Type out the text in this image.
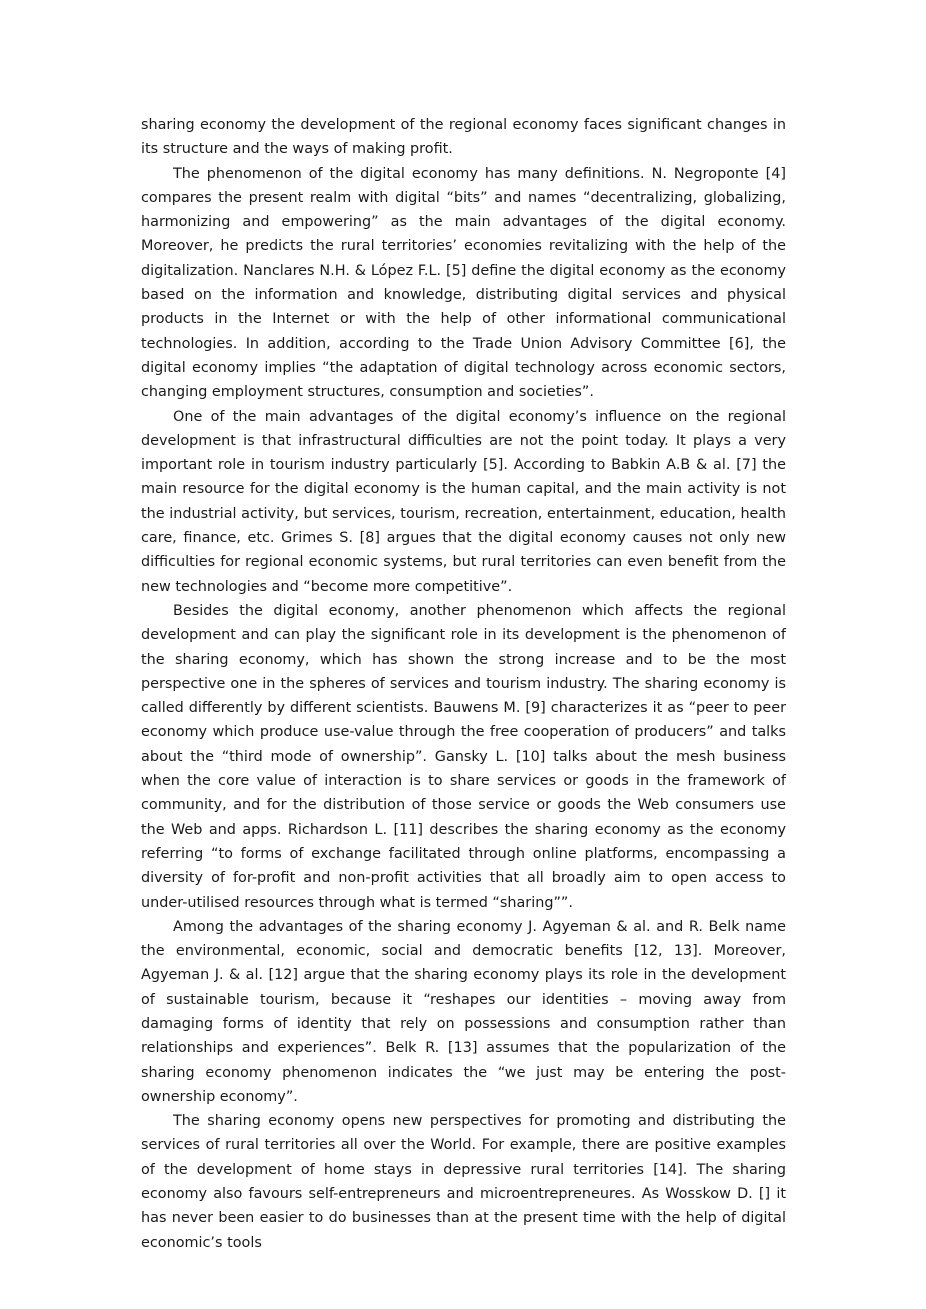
sharing economy the development of the regional economy faces significant changes in its structure and the ways of making profit.

The phenomenon of the digital economy has many definitions. N. Negroponte [4] compares the present realm with digital “bits” and names “decentralizing, globalizing, harmonizing and empowering” as the main advantages of the digital economy. Moreover, he predicts the rural territories’ economies revitalizing with the help of the digitalization. Nanclares N.H. & López F.L. [5] define the digital economy as the economy based on the information and knowledge, distributing digital services and physical products in the Internet or with the help of other informational communicational technologies. In addition, according to the Trade Union Advisory Committee [6], the digital economy implies “the adaptation of digital technology across economic sectors, changing employment structures, consumption and societies”.

One of the main advantages of the digital economy’s influence on the regional development is that infrastructural difficulties are not the point today. It plays a very important role in tourism industry particularly [5]. According to Babkin A.B & al. [7] the main resource for the digital economy is the human capital, and the main activity is not the industrial activity, but services, tourism, recreation, entertainment, education, health care, finance, etc. Grimes S. [8] argues that the digital economy causes not only new difficulties for regional economic systems, but rural territories can even benefit from the new technologies and “become more competitive”.

Besides the digital economy, another phenomenon which affects the regional development and can play the significant role in its development is the phenomenon of the sharing economy, which has shown the strong increase and to be the most perspective one in the spheres of services and tourism industry. The sharing economy is called differently by different scientists. Bauwens M. [9] characterizes it as “peer to peer economy which produce use-value through the free cooperation of producers” and talks about the “third mode of ownership”. Gansky L. [10] talks about the mesh business when the core value of interaction is to share services or goods in the framework of community, and for the distribution of those service or goods the Web consumers use the Web and apps. Richardson L. [11] describes the sharing economy as the economy referring “to forms of exchange facilitated through online platforms, encompassing a diversity of for-profit and non-profit activities that all broadly aim to open access to under-utilised resources through what is termed “sharing””.

Among the advantages of the sharing economy J. Agyeman & al. and R. Belk name the environmental, economic, social and democratic benefits [12, 13]. Moreover, Agyeman J. & al. [12] argue that the sharing economy plays its role in the development of sustainable tourism, because it “reshapes our identities – moving away from damaging forms of identity that rely on possessions and consumption rather than relationships and experiences”. Belk R. [13] assumes that the popularization of the sharing economy phenomenon indicates the “we just may be entering the post-ownership economy”.

The sharing economy opens new perspectives for promoting and distributing the services of rural territories all over the World. For example, there are positive examples of the development of home stays in depressive rural territories [14]. The sharing economy also favours self-entrepreneurs and microentrepreneures. As Wosskow D. [] it has never been easier to do businesses than at the present time with the help of digital economic’s tools
